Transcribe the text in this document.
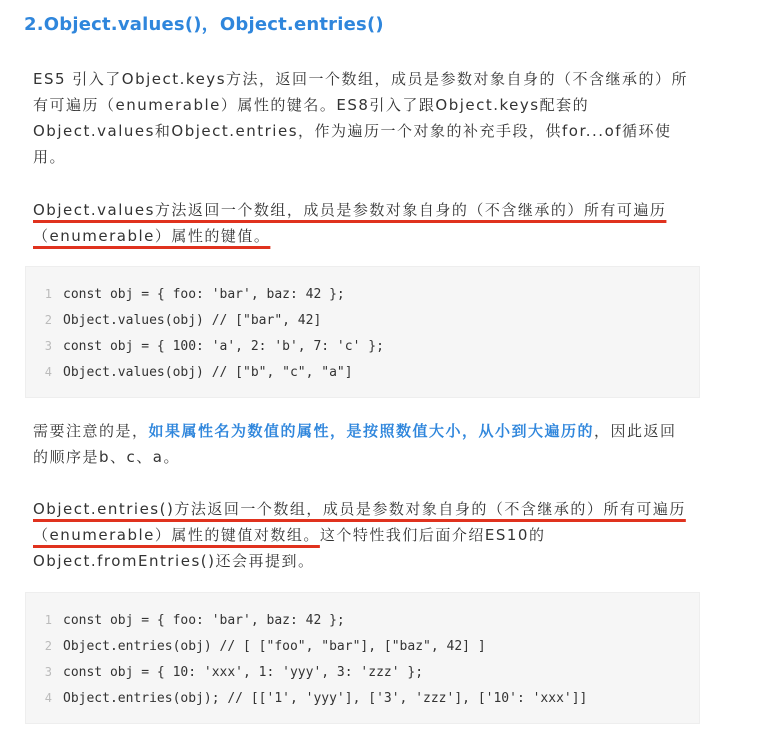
2.Object.values()，Object.entries()

ES5 引入了Object.keys方法，返回一个数组，成员是参数对象自身的（不含继承的）所有可遍历（enumerable）属性的键名。ES8引入了跟Object.keys配套的Object.values和Object.entries，作为遍历一个对象的补充手段，供for...of循环使用。

Object.values方法返回一个数组，成员是参数对象自身的（不含继承的）所有可遍历（enumerable）属性的键值。

1 const obj = { foo: 'bar', baz: 42 };
2 Object.values(obj) // ["bar", 42]
3 const obj = { 100: 'a', 2: 'b', 7: 'c' };
4 Object.values(obj) // ["b", "c", "a"]

需要注意的是，如果属性名为数值的属性，是按照数值大小，从小到大遍历的，因此返回的顺序是b、c、a。

Object.entries()方法返回一个数组，成员是参数对象自身的（不含继承的）所有可遍历（enumerable）属性的键值对数组。这个特性我们后面介绍ES10的Object.fromEntries()还会再提到。

1 const obj = { foo: 'bar', baz: 42 };
2 Object.entries(obj) // [ ["foo", "bar"], ["baz", 42] ]
3 const obj = { 10: 'xxx', 1: 'yyy', 3: 'zzz' };
4 Object.entries(obj); // [['1', 'yyy'], ['3', 'zzz'], ['10': 'xxx']]
